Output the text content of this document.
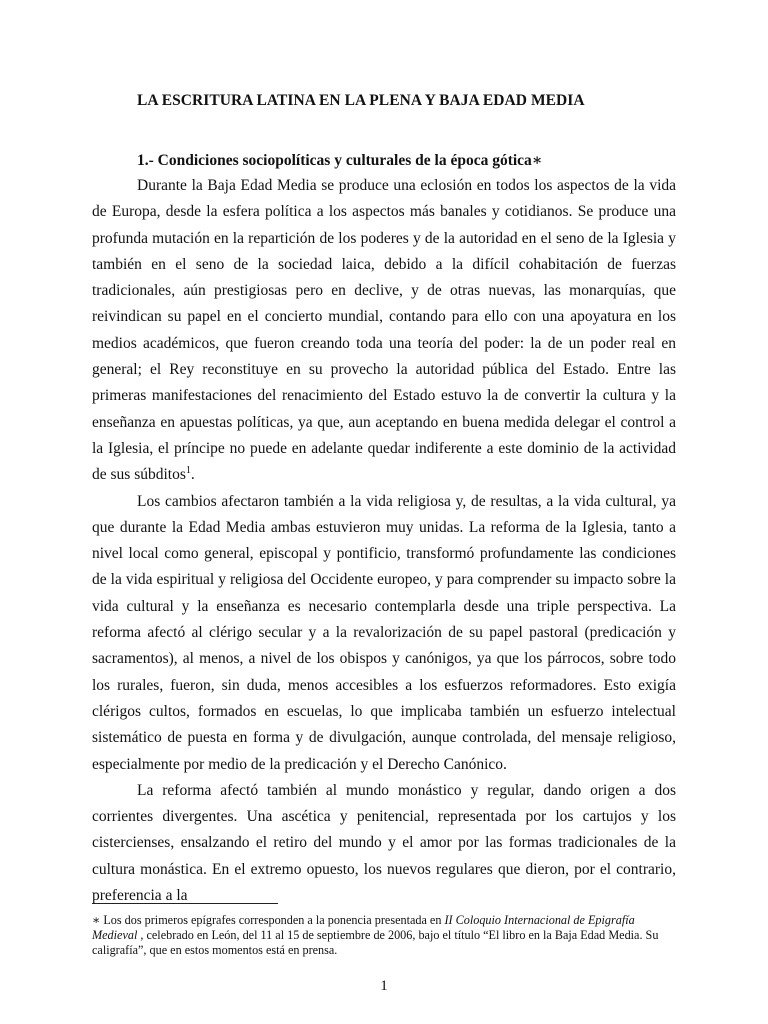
LA ESCRITURA LATINA EN LA PLENA Y BAJA EDAD MEDIA
1.- Condiciones sociopolíticas y culturales de la época gótica∗

Durante la Baja Edad Media se produce una eclosión en todos los aspectos de la vida de Europa, desde la esfera política a los aspectos más banales y cotidianos. Se produce una profunda mutación en la repartición de los poderes y de la autoridad en el seno de la Iglesia y también en el seno de la sociedad laica, debido a la difícil cohabitación de fuerzas tradicionales, aún prestigiosas pero en declive, y de otras nuevas, las monarquías, que reivindican su papel en el concierto mundial, contando para ello con una apoyatura en los medios académicos, que fueron creando toda una teoría del poder: la de un poder real en general; el Rey reconstituye en su provecho la autoridad pública del Estado. Entre las primeras manifestaciones del renacimiento del Estado estuvo la de convertir la cultura y la enseñanza en apuestas políticas, ya que, aun aceptando en buena medida delegar el control a la Iglesia, el príncipe no puede en adelante quedar indiferente a este dominio de la actividad de sus súbditos$^1$.

Los cambios afectaron también a la vida religiosa y, de resultas, a la vida cultural, ya que durante la Edad Media ambas estuvieron muy unidas. La reforma de la Iglesia, tanto a nivel local como general, episcopal y pontificio, transformó profundamente las condiciones de la vida espiritual y religiosa del Occidente europeo, y para comprender su impacto sobre la vida cultural y la enseñanza es necesario contemplarla desde una triple perspectiva. La reforma afectó al clérigo secular y a la revalorización de su papel pastoral (predicación y sacramentos), al menos, a nivel de los obispos y canónigos, ya que los párrocos, sobre todo los rurales, fueron, sin duda, menos accesibles a los esfuerzos reformadores. Esto exigía clérigos cultos, formados en escuelas, lo que implicaba también un esfuerzo intelectual sistemático de puesta en forma y de divulgación, aunque controlada, del mensaje religioso, especialmente por medio de la predicación y el Derecho Canónico.

La reforma afectó también al mundo monástico y regular, dando origen a dos corrientes divergentes. Una ascética y penitencial, representada por los cartujos y los cistercienses, ensalzando el retiro del mundo y el amor por las formas tradicionales de la cultura monástica. En el extremo opuesto, los nuevos regulares que dieron, por el contrario, preferencia a la

∗ Los dos primeros epígrafes corresponden a la ponencia presentada en II Coloquio Internacional de Epigrafía Medieval , celebrado en León, del 11 al 15 de septiembre de 2006, bajo el título “El libro en la Baja Edad Media. Su caligrafía”, que en estos momentos está en prensa.
1
